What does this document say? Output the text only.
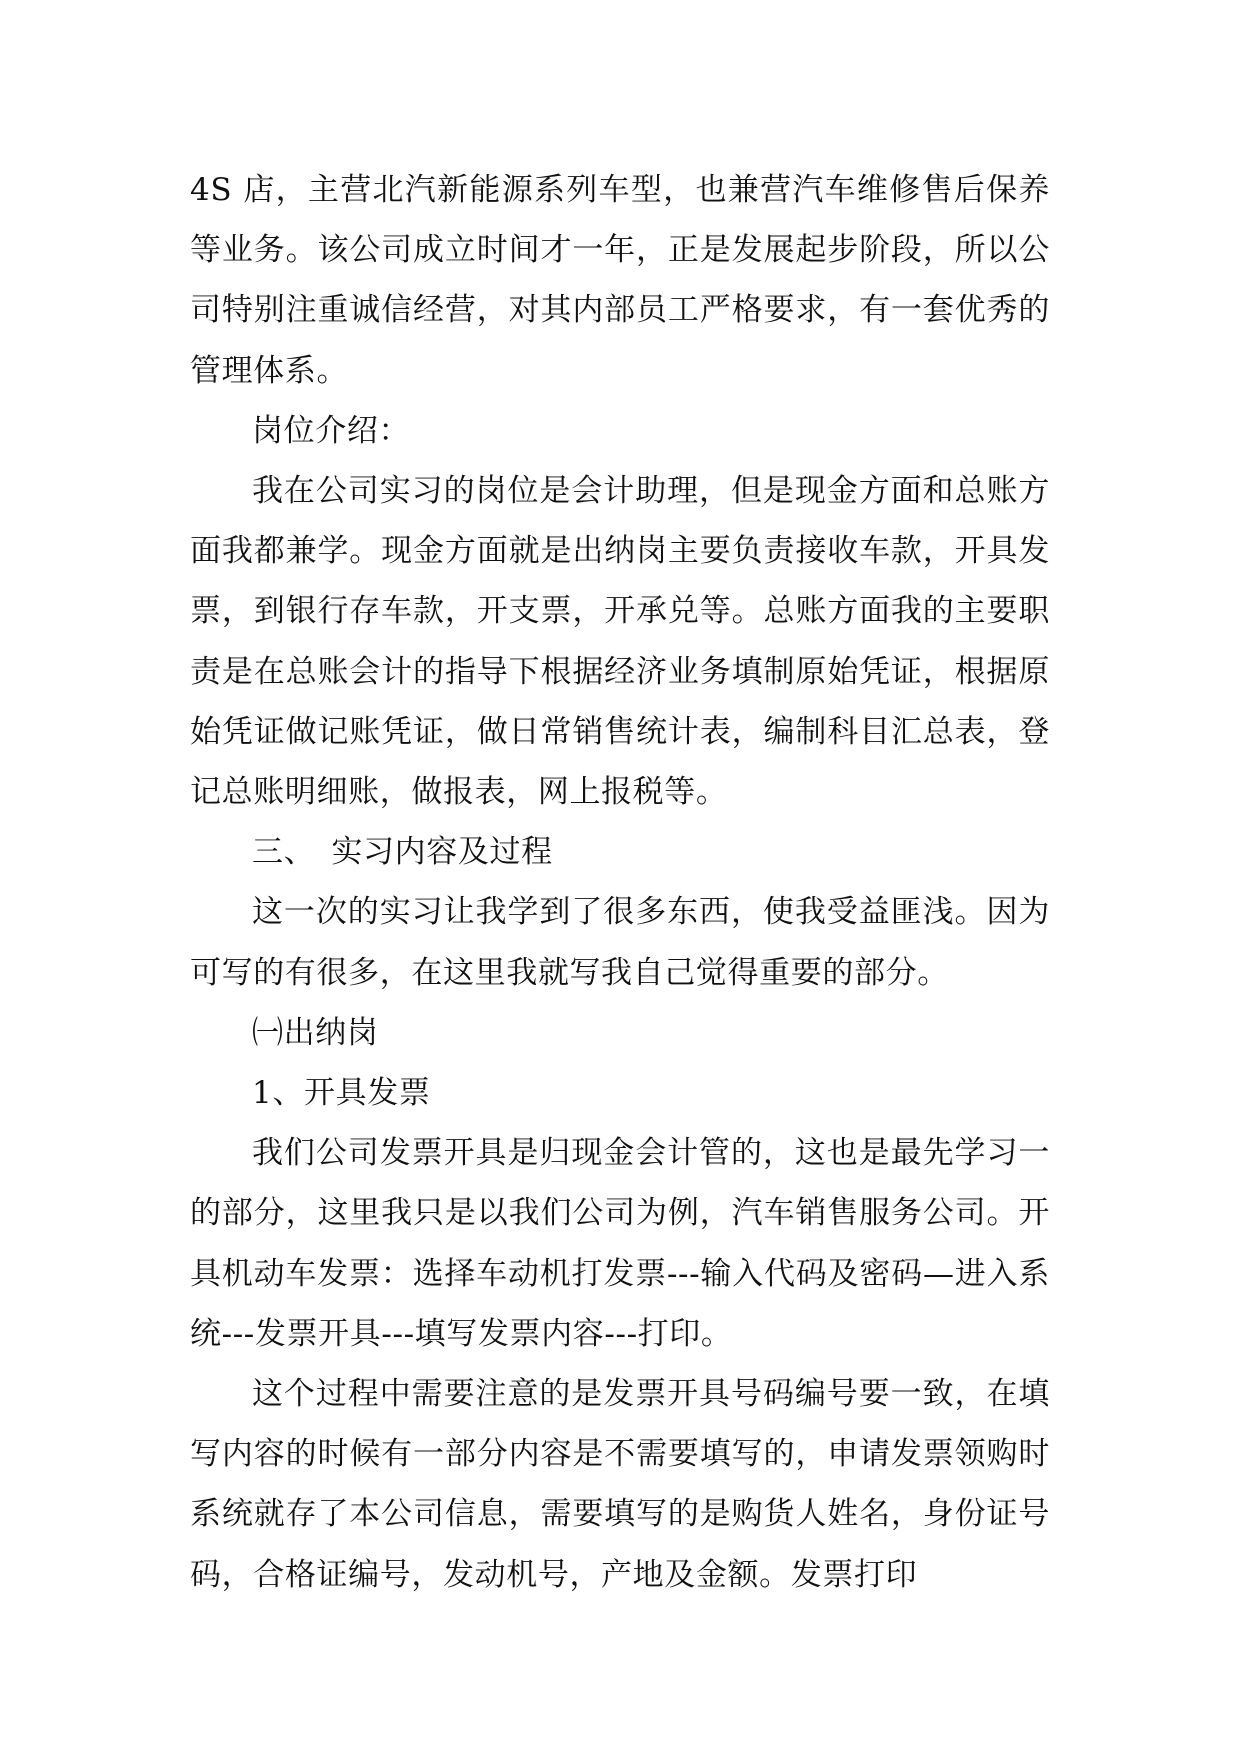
4S 店，主营北汽新能源系列车型，也兼营汽车维修售后保养等业务。该公司成立时间才一年，正是发展起步阶段，所以公司特别注重诚信经营，对其内部员工严格要求，有一套优秀的管理体系。

岗位介绍：

我在公司实习的岗位是会计助理，但是现金方面和总账方面我都兼学。现金方面就是出纳岗主要负责接收车款，开具发票，到银行存车款，开支票，开承兑等。总账方面我的主要职责是在总账会计的指导下根据经济业务填制原始凭证，根据原始凭证做记账凭证，做日常销售统计表，编制科目汇总表，登记总账明细账，做报表，网上报税等。

三、　实习内容及过程

这一次的实习让我学到了很多东西，使我受益匪浅。因为可写的有很多，在这里我就写我自己觉得重要的部分。

㈠出纳岗

1、开具发票

我们公司发票开具是归现金会计管的，这也是最先学习一的部分，这里我只是以我们公司为例，汽车销售服务公司。开具机动车发票：选择车动机打发票---输入代码及密码—进入系统---发票开具---填写发票内容---打印。

这个过程中需要注意的是发票开具号码编号要一致，在填写内容的时候有一部分内容是不需要填写的，申请发票领购时系统就存了本公司信息，需要填写的是购货人姓名，身份证号码，合格证编号，发动机号，产地及金额。发票打印
